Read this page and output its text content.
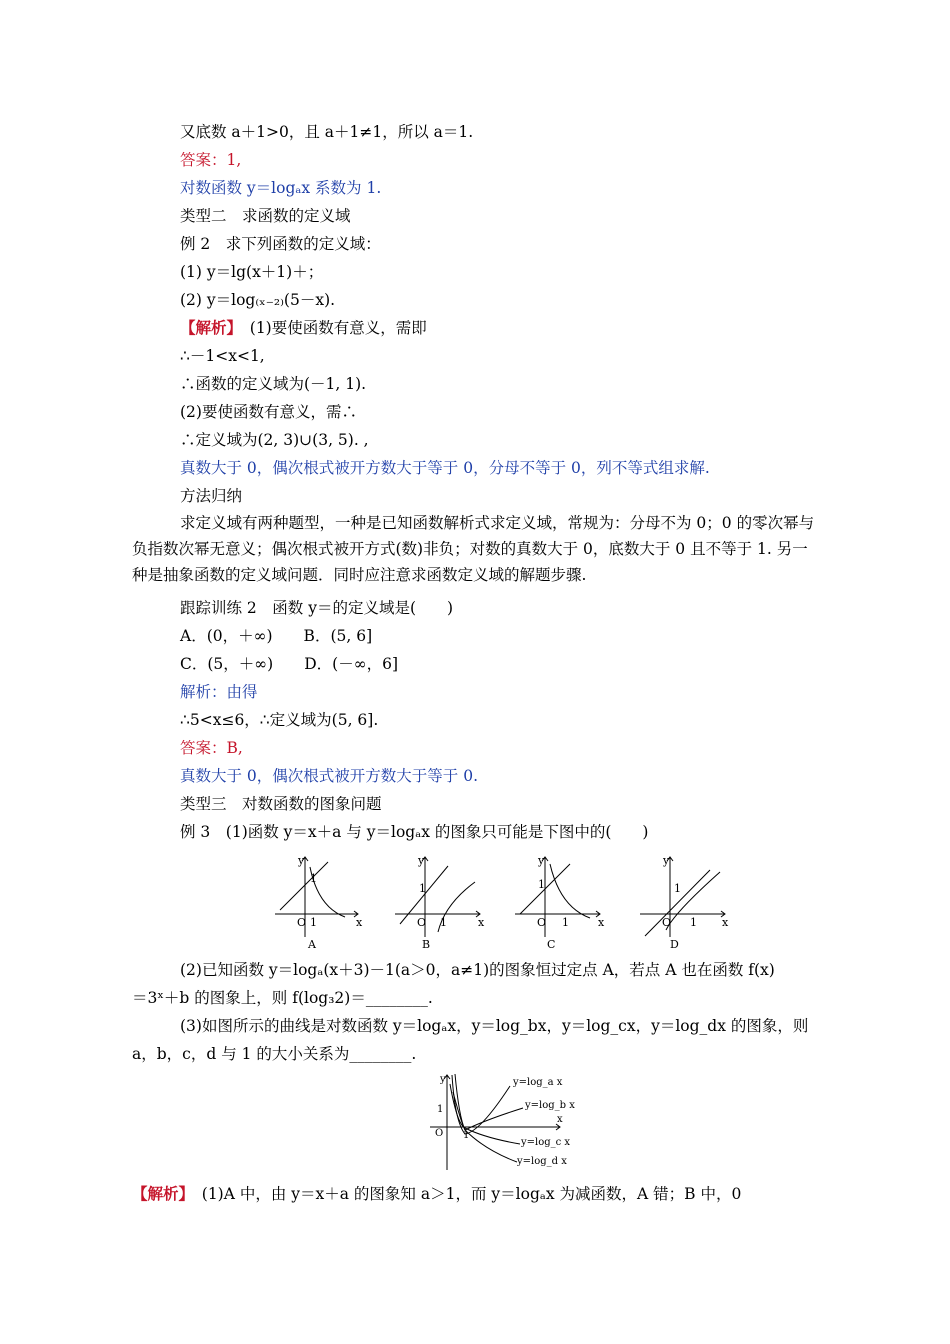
又底数 a＋1>0，且 a＋1≠1，所以 a＝1.
答案：1,
对数函数 y＝logₐx 系数为 1.
类型二　求函数的定义域
例 2　求下列函数的定义域：
(1) y＝lg(x＋1)＋；
(2) y＝log₍ₓ₋₂₎(5－x).
【解析】　(1)要使函数有意义，需即
∴－1<x<1,
∴函数的定义域为(－1, 1).
(2)要使函数有意义，需∴
∴定义域为(2, 3)∪(3, 5). ,
真数大于 0，偶次根式被开方数大于等于 0，分母不等于 0，列不等式组求解.
方法归纳
求定义域有两种题型，一种是已知函数解析式求定义域，常规为：分母不为 0；0 的零次幂与负指数次幂无意义；偶次根式被开方式(数)非负；对数的真数大于 0，底数大于 0 且不等于 1. 另一种是抽象函数的定义域问题．同时应注意求函数定义域的解题步骤.
跟踪训练 2　函数 y＝的定义域是(　　)
A．(0，＋∞)　　B．(5, 6]
C．(5，＋∞)　　D．(－∞，6]
解析：由得
∴5<x≤6，∴定义域为(5, 6].
答案：B,
真数大于 0，偶次根式被开方数大于等于 0.
类型三　对数函数的图象问题
例 3　(1)函数 y＝x＋a 与 y＝logₐx 的图象只可能是下图中的(　　)
y
x
O
1
1
A
y
x
O
1
1
B
y
x
O
1
1
C
y
x
O
1
1
D
(2)已知函数 y＝logₐ(x＋3)－1(a＞0，a≠1)的图象恒过定点 A，若点 A 也在函数 f(x)
＝3ˣ＋b 的图象上，则 f(log₃2)＝________.
(3)如图所示的曲线是对数函数 y＝logₐx，y＝log_bx，y＝log_cx，y＝log_dx 的图象，则
a，b，c，d 与 1 的大小关系为________.
y
x
O
1
1
y=log_a x
y=log_b x
y=log_c x
y=log_d x
【解析】　(1)A 中，由 y＝x＋a 的图象知 a＞1，而 y＝logₐx 为减函数，A 错；B 中，0
